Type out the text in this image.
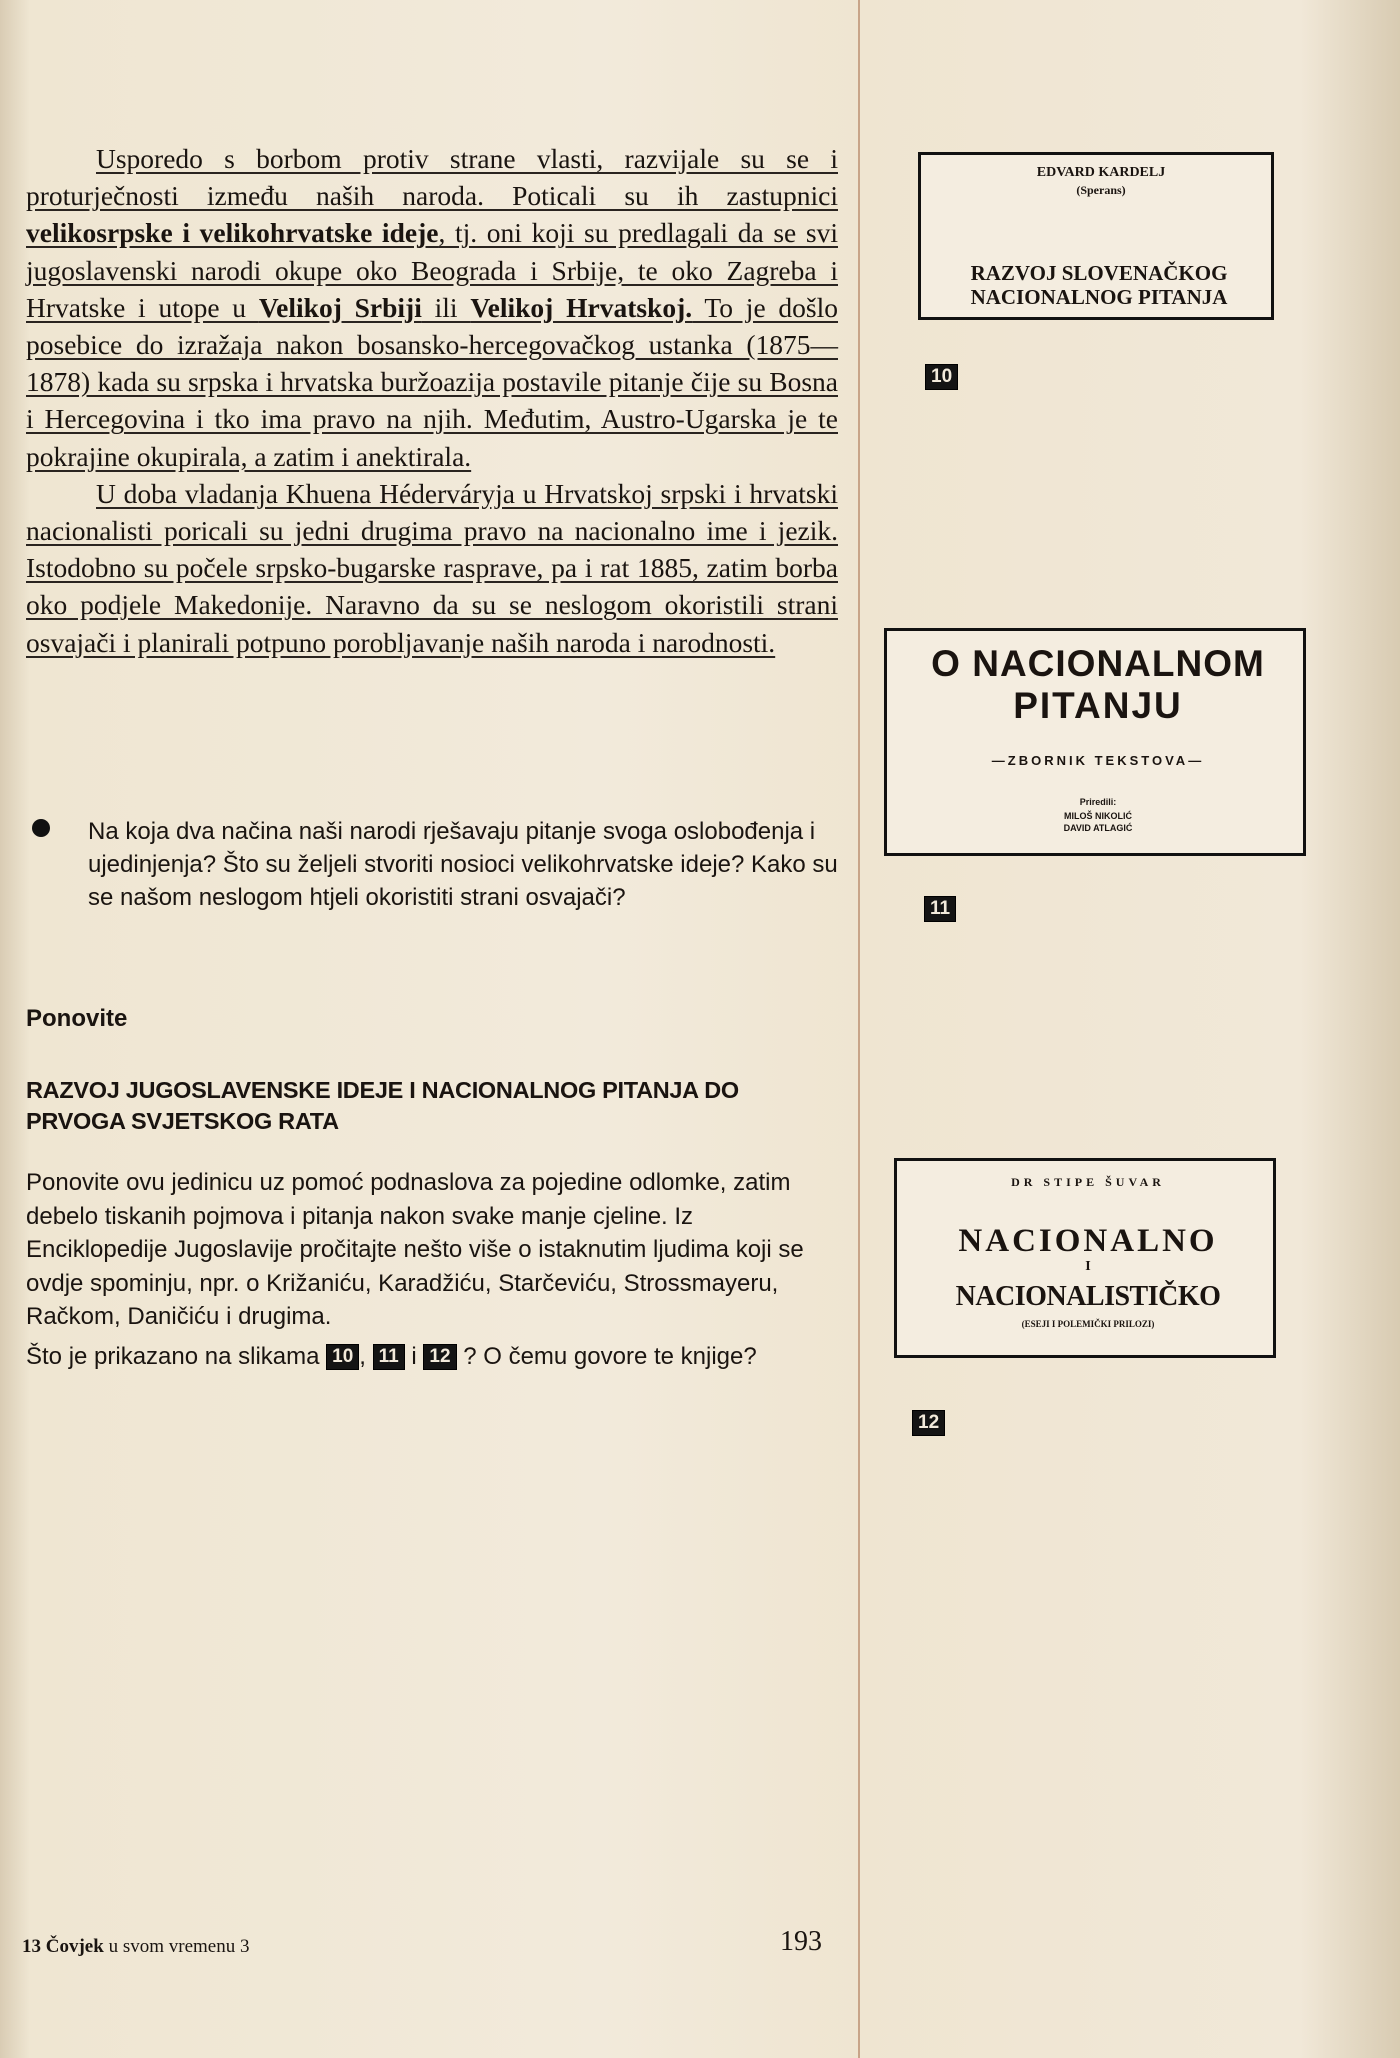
Usporedo s borbom protiv strane vlasti, razvijale su se i proturječnosti između naših naroda. Poticali su ih zastupnici velikosrpske i velikohrvatske ideje, tj. oni koji su predlagali da se svi jugoslavenski narodi okupe oko Beograda i Srbije, te oko Zagreba i Hrvatske i utope u Velikoj Srbiji ili Velikoj Hrvatskoj. To je došlo posebice do izražaja nakon bosansko-hercegovačkog ustanka (1875—1878) kada su srpska i hrvatska buržoazija postavile pitanje čije su Bosna i Hercegovina i tko ima pravo na njih. Međutim, Austro-Ugarska je te pokrajine okupirala, a zatim i anektirala.

U doba vladanja Khuena Héderváryja u Hrvatskoj srpski i hrvatski nacionalisti poricali su jedni drugima pravo na nacionalno ime i jezik. Istodobno su počele srpsko-bugarske rasprave, pa i rat 1885, zatim borba oko podjele Makedonije. Naravno da su se neslogom okoristili strani osvajači i planirali potpuno porobljavanje naših naroda i narodnosti.

Na koja dva načina naši narodi rješavaju pitanje svoga oslobođenja i ujedinjenja? Što su željeli stvoriti nosioci velikohrvatske ideje? Kako su se našom neslogom htjeli okoristiti strani osvajači?
Ponovite
RAZVOJ JUGOSLAVENSKE IDEJE I NACIONALNOG PITANJA DO PRVOGA SVJETSKOG RATA

Ponovite ovu jedinicu uz pomoć podnaslova za pojedine odlomke, zatim debelo tiskanih pojmova i pitanja nakon svake manje cjeline. Iz Enciklopedije Jugoslavije pročitajte nešto više o istaknutim ljudima koji se ovdje spominju, npr. o Križaniću, Karadžiću, Starčeviću, Strossmayeru, Račkom, Daničiću i drugima.

Što je prikazano na slikama 10 , 11 i 12 ? O čemu govore te knjige?

13 Čovjek u svom vremenu 3	193
EDVARD KARDELJ
(Sperans)
RAZVOJ SLOVENAČKOG
NACIONALNOG PITANJA
10
O NACIONALNOM
PITANJU
—ZBORNIK TEKSTOVA—
Priredili:
MILOŠ NIKOLIĆ
DAVID ATLAGIĆ
11
DR STIPE ŠUVAR
NACIONALNO
I
NACIONALISTIČKO
(ESEJI I POLEMIČKI PRILOZI)
12
